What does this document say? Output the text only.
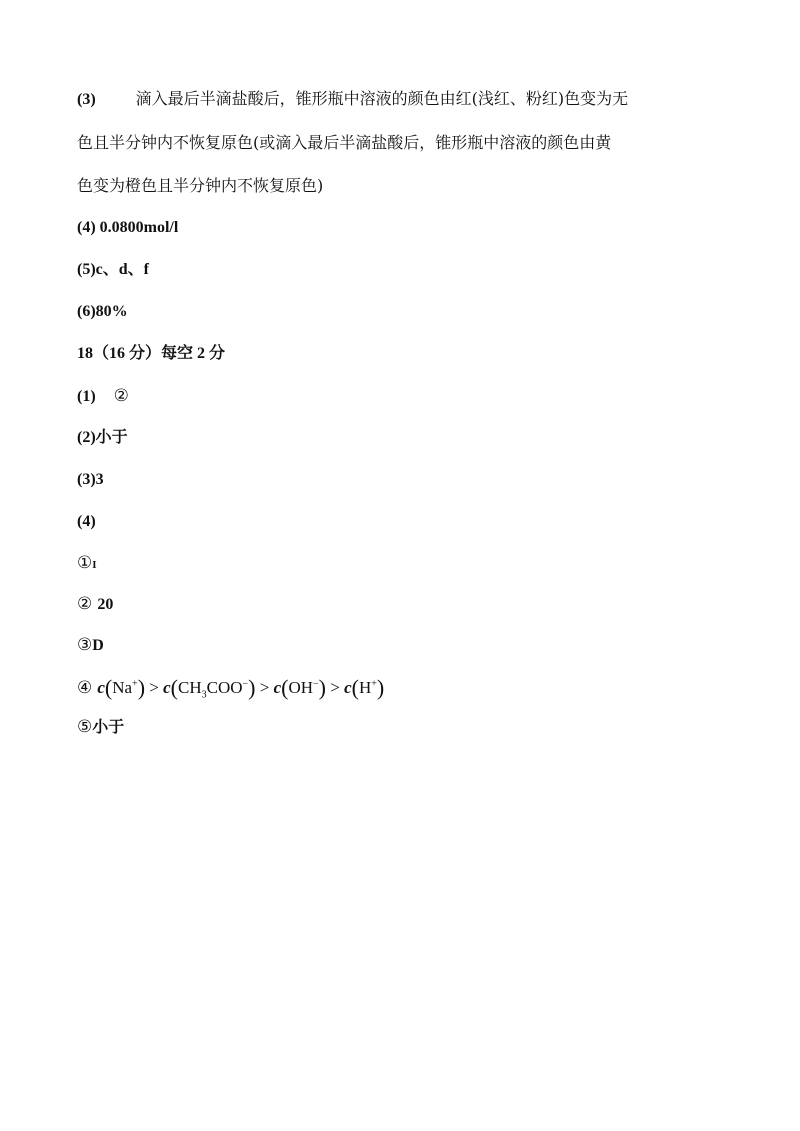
(3)	滴入最后半滴盐酸后，锥形瓶中溶液的颜色由红(浅红、粉红)色变为无
色且半分钟内不恢复原色(或滴入最后半滴盐酸后，锥形瓶中溶液的颜色由黄
色变为橙色且半分钟内不恢复原色)
(4) 0.0800mol/l
(5)c、d、f
(6)80%
18（16 分）每空 2 分
(1) ②
(2)小于
(3)3
(4)
①I
② 20
③D
④ $c(Na^+) > c(CH_3COO^-) > c(OH^-) > c(H^+)$
⑤小于
